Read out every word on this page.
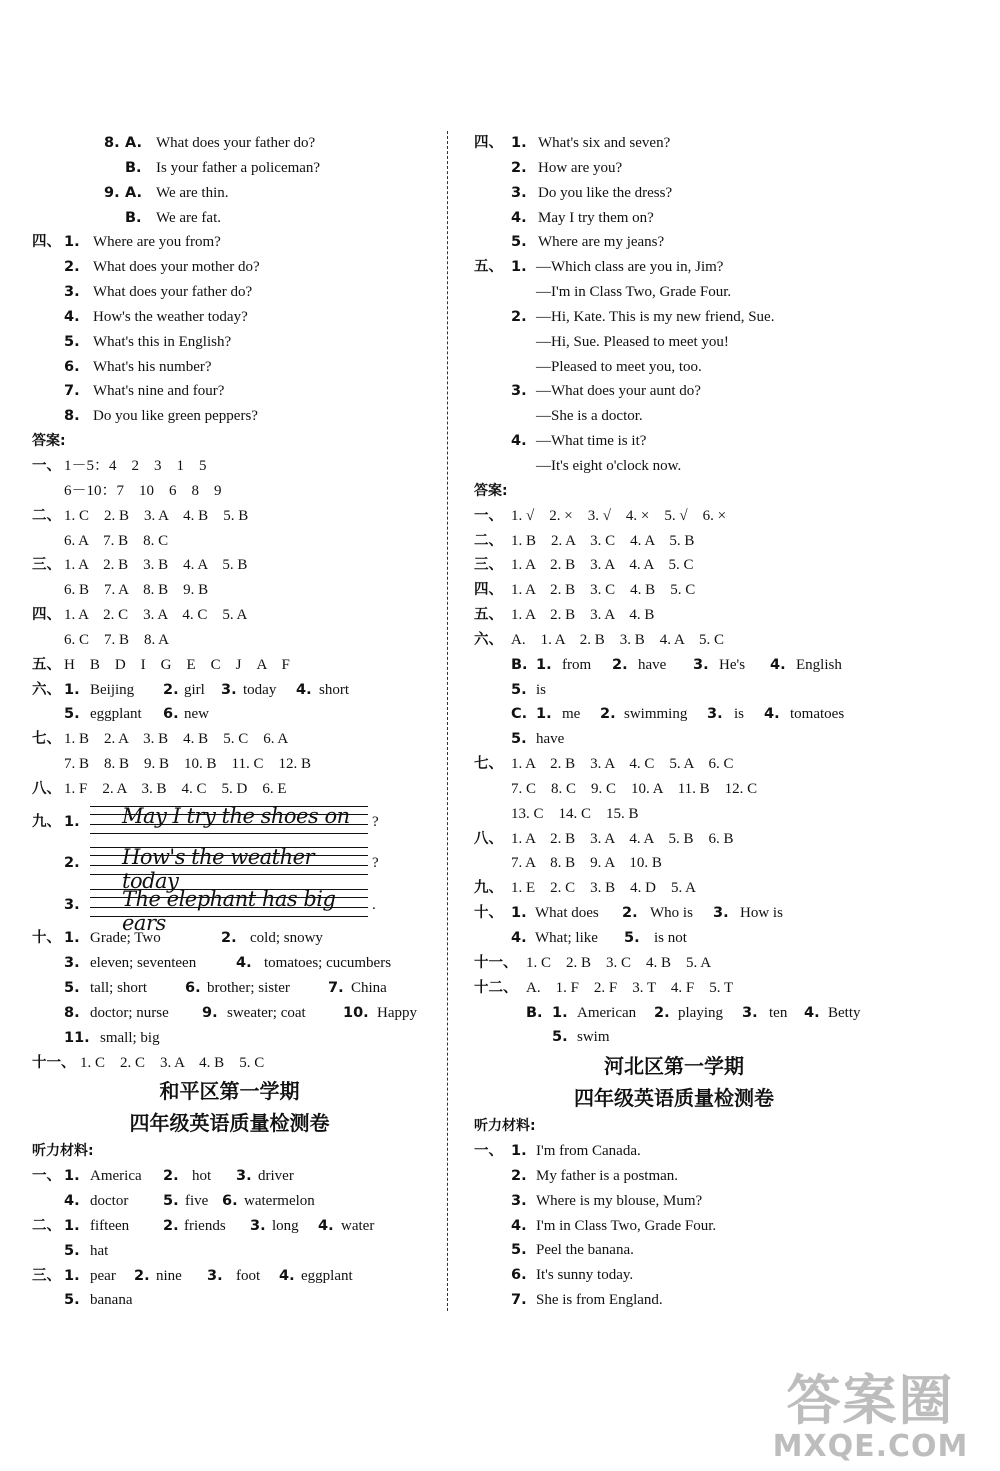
8. A. What does your father do?
B. Is your father a policeman?
9. A. We are thin.
B. We are fat.
四、 1. Where are you from?
2. What does your mother do?
3. What does your father do?
4. How's the weather today?
5. What's this in English?
6. What's his number?
7. What's nine and four?
8. Do you like green peppers?
答案:
一、 1－5：4　2　3　1　5
6－10：7　10　6　8　9
二、 1. C　2. B　3. A　4. B　5. B
6. A　7. B　8. C
三、 1. A　2. B　3. B　4. A　5. B
6. B　7. A　8. B　9. B
四、 1. A　2. C　3. A　4. C　5. A
6. C　7. B　8. A
五、 H　B　D　I　G　E　C　J　A　F
六、 1. Beijing 2. girl 3. today 4. short
5. eggplant 6. new
七、 1. B　2. A　3. B　4. B　5. C　6. A
7. B　8. B　9. B　10. B　11. C　12. B
八、 1. F　2. A　3. B　4. C　5. D　6. E
九、 1. May I try the shoes on ?
2. How's the weather today
?
3. The elephant has big ears
.
十、 1. Grade; Two	2. cold; snowy
3. eleven; seventeen	4. tomatoes; cucumbers
5. tall; short	6. brother; sister	7. China
8. doctor; nurse 9. sweater; coat	10. Happy
11. small; big
十一、 1. C　2. C　3. A　4. B　5. C
和平区第一学期
四年级英语质量检测卷
听力材料:
一、 1. America 2. hot 3. driver
4. doctor 5. five 6. watermelon
二、 1. fifteen 2. friends 3. long 4. water
5. hat
三、 1. pear 2. nine 3. foot 4. eggplant
5. banana
四、 1. What's six and seven?
2. How are you?
3. Do you like the dress?
4. May I try them on?
5. Where are my jeans?
五、 1. —Which class are you in, Jim?
—I'm in Class Two, Grade Four.
2. —Hi, Kate. This is my new friend, Sue.
—Hi, Sue. Pleased to meet you!
—Pleased to meet you, too.
3. —What does your aunt do?
—She is a doctor.
4. —What time is it?
—It's eight o'clock now.
答案:
一、 1. √　2. ×　3. √　4. ×　5. √　6. ×
二、 1. B　2. A　3. C　4. A　5. B
三、 1. A　2. B　3. A　4. A　5. C
四、 1. A　2. B　3. C　4. B　5. C
五、 1. A　2. B　3. A　4. B
六、 A.　1. A　2. B　3. B　4. A　5. C
B. 1. from 2. have 3. He's 4. English
5. is
C. 1. me 2. swimming 3. is 4. tomatoes
5. have
七、 1. A　2. B　3. A　4. C　5. A　6. C
7. C　8. C　9. C　10. A　11. B　12. C
13. C　14. C　15. B
八、 1. A　2. B　3. A　4. A　5. B　6. B
7. A　8. B　9. A　10. B
九、 1. E　2. C　3. B　4. D　5. A
十、 1. What does 2. Who is 3. How is
4. What; like 5. is not
十一、 1. C　2. B　3. C　4. B　5. A
十二、 A.　1. F　2. F　3. T　4. F　5. T
B. 1. American 2. playing 3. ten 4. Betty
5. swim
河北区第一学期
四年级英语质量检测卷
听力材料:
一、 1. I'm from Canada.
2. My father is a postman.
3. Where is my blouse, Mum?
4. I'm in Class Two, Grade Four.
5. Peel the banana.
6. It's sunny today.
7. She is from England.
答案圈
MXQE.COM
